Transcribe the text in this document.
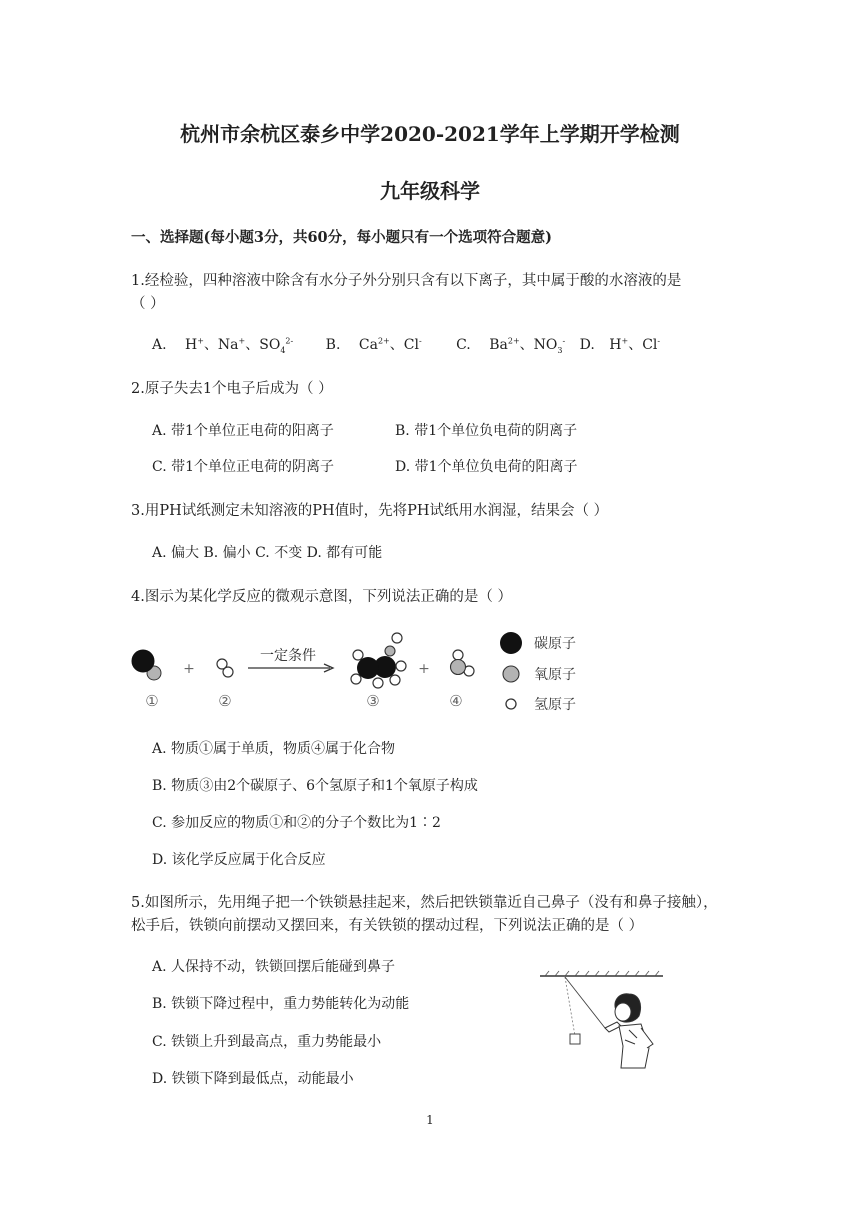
杭州市余杭区泰乡中学2020-2021学年上学期开学检测
九年级科学
一、选择题(每小题3分，共60分，每小题只有一个选项符合题意)
1.经检验，四种溶液中除含有水分子外分别只含有以下离子，其中属于酸的水溶液的是
（ ）
A. H+、Na+、$SO_4^{2-}$ B. $Ca^{2+}$、Cl- C. $Ba^{2+}$、$NO_3^-$ D. H+、Cl-
2.原子失去1个电子后成为（ ）
A. 带1个单位正电荷的阳离子	B. 带1个单位负电荷的阴离子
C. 带1个单位正电荷的阴离子	D. 带1个单位负电荷的阳离子
3.用PH试纸测定未知溶液的PH值时，先将PH试纸用水润湿，结果会（ ）
A. 偏大 B. 偏小 C. 不变 D. 都有可能
4.图示为某化学反应的微观示意图，下列说法正确的是（ ）
①
+
②
一定条件
③
+
④
碳原子
氧原子
氢原子
A. 物质①属于单质，物质④属于化合物
B. 物质③由2个碳原子、6个氢原子和1个氧原子构成
C. 参加反应的物质①和②的分子个数比为1∶2
D. 该化学反应属于化合反应
5.如图所示，先用绳子把一个铁锁悬挂起来，然后把铁锁靠近自己鼻子（没有和鼻子接触），
松手后，铁锁向前摆动又摆回来，有关铁锁的摆动过程，下列说法正确的是（ ）
A. 人保持不动，铁锁回摆后能碰到鼻子
B. 铁锁下降过程中，重力势能转化为动能
C. 铁锁上升到最高点，重力势能最小
D. 铁锁下降到最低点，动能最小
1
